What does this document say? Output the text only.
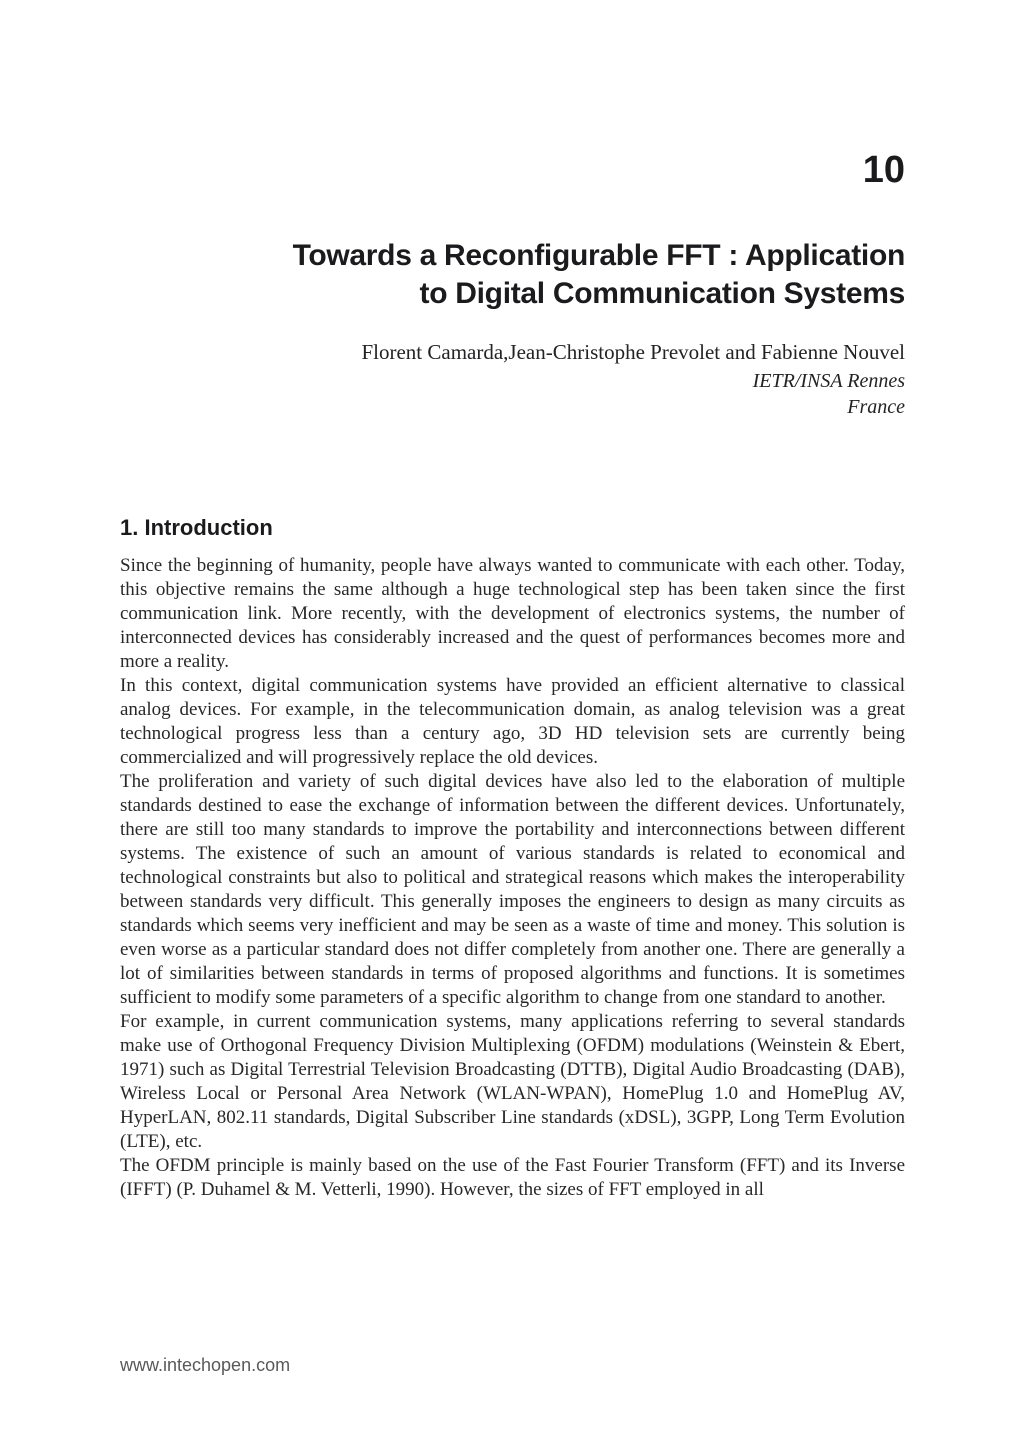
10
Towards a Reconfigurable FFT : Application
to Digital Communication Systems
Florent Camarda,Jean-Christophe Prevolet and Fabienne Nouvel
IETR/INSA Rennes
France
1. Introduction

Since the beginning of humanity, people have always wanted to communicate with each other. Today, this objective remains the same although a huge technological step has been taken since the first communication link. More recently, with the development of electronics systems, the number of interconnected devices has considerably increased and the quest of performances becomes more and more a reality.

In this context, digital communication systems have provided an efficient alternative to classical analog devices. For example, in the telecommunication domain, as analog television was a great technological progress less than a century ago, 3D HD television sets are currently being commercialized and will progressively replace the old devices.

The proliferation and variety of such digital devices have also led to the elaboration of multiple standards destined to ease the exchange of information between the different devices. Unfortunately, there are still too many standards to improve the portability and interconnections between different systems. The existence of such an amount of various standards is related to economical and technological constraints but also to political and strategical reasons which makes the interoperability between standards very difficult. This generally imposes the engineers to design as many circuits as standards which seems very inefficient and may be seen as a waste of time and money. This solution is even worse as a particular standard does not differ completely from another one. There are generally a lot of similarities between standards in terms of proposed algorithms and functions. It is sometimes sufficient to modify some parameters of a specific algorithm to change from one standard to another.

For example, in current communication systems, many applications referring to several standards make use of Orthogonal Frequency Division Multiplexing (OFDM) modulations (Weinstein & Ebert, 1971) such as Digital Terrestrial Television Broadcasting (DTTB), Digital Audio Broadcasting (DAB), Wireless Local or Personal Area Network (WLAN-WPAN), HomePlug 1.0 and HomePlug AV, HyperLAN, 802.11 standards, Digital Subscriber Line standards (xDSL), 3GPP, Long Term Evolution (LTE), etc.

The OFDM principle is mainly based on the use of the Fast Fourier Transform (FFT) and its Inverse (IFFT) (P. Duhamel & M. Vetterli, 1990). However, the sizes of FFT employed in all

www.intechopen.com
